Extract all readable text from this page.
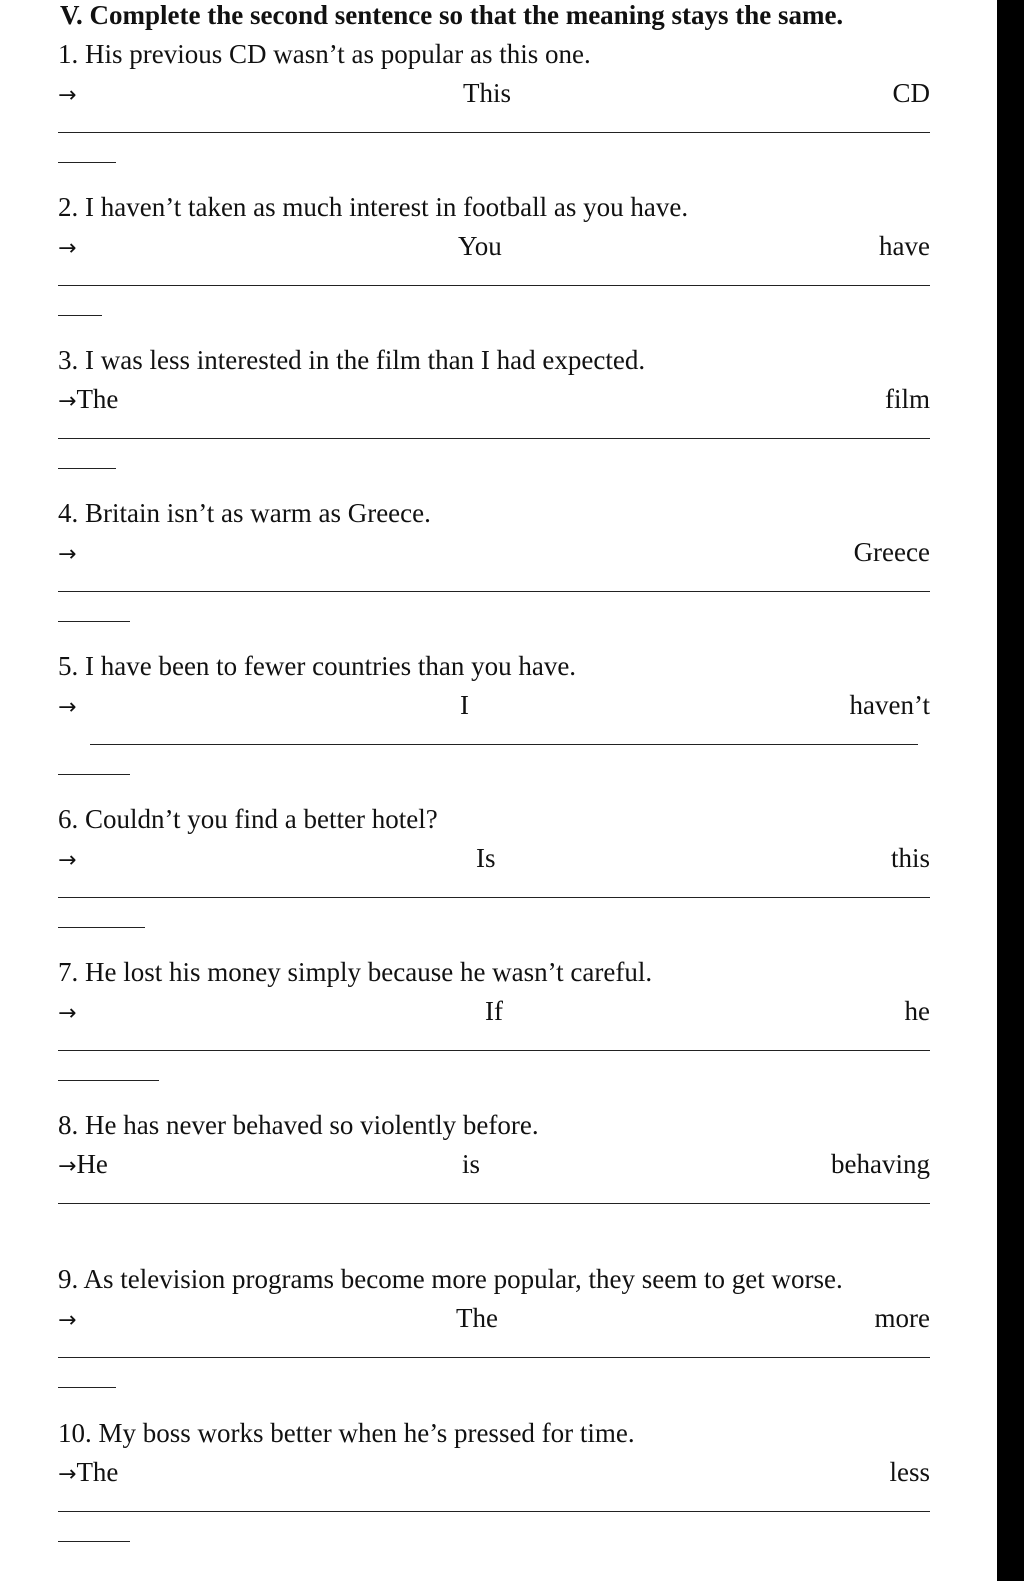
V. Complete the second sentence so that the meaning stays the same.
1. His previous CD wasn’t as popular as this one.
→	This	CD
2. I haven’t taken as much interest in football as you have.
→	You	have
3. I was less interested in the film than I had expected.
→The	film
4. Britain isn’t as warm as Greece.
→	Greece
5. I have been to fewer countries than you have.
→	I	haven’t
6. Couldn’t you find a better hotel?
→	Is	this
7. He lost his money simply because he wasn’t careful.
→	If	he
8. He has never behaved so violently before.
→He	is	behaving
9. As television programs become more popular, they seem to get worse.
→	The	more
10. My boss works better when he’s pressed for time.
→The	less
